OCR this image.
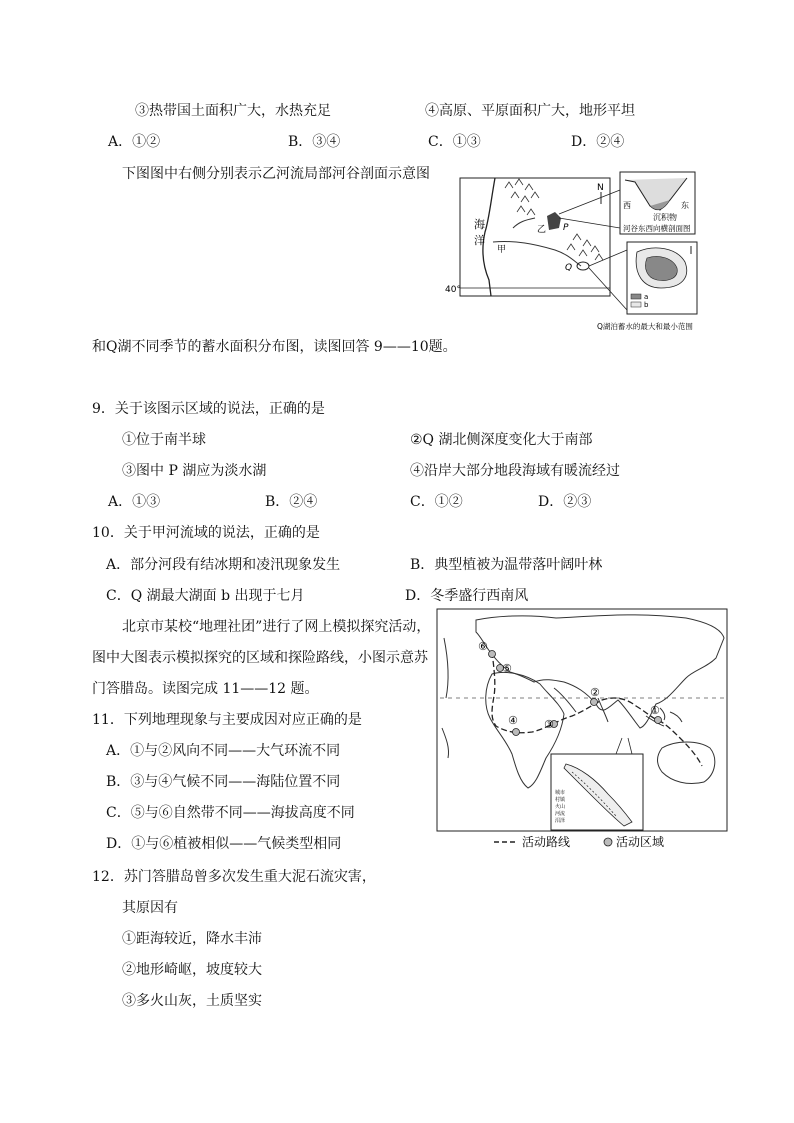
③热带国土面积广大，水热充足	④高原、平原面积广大，地形平坦
A．①②	B．③④	C．①③	D．②④
下图图中右侧分别表示乙河流局部河谷剖面示意图
海
洋
甲
乙 P
Q
40°
N
西	东
沉积物
河谷东西向横剖面图
a
b
Q湖泊蓄水的最大和最小范围
和Q湖不同季节的蓄水面积分布图，读图回答 9——10题。
9．关于该图示区域的说法，正确的是
①位于南半球	②Q 湖北侧深度变化大于南部
③图中 P 湖应为淡水湖	④沿岸大部分地段海域有暖流经过
A．①③	B．②④	C．①②	D．②③
10．关于甲河流域的说法，正确的是
A．部分河段有结冰期和凌汛现象发生	B．典型植被为温带落叶阔叶林
C．Q 湖最大湖面 b 出现于七月	D．冬季盛行西南风
北京市某校“地理社团”进行了网上模拟探究活动，
图中大图表示模拟探究的区域和探险路线，小图示意苏
门答腊岛。读图完成 11——12 题。
⑥
⑤
④ ③
②
①
城市
村镇
火山
河流
沼泽
活动路线	活动区域
11．下列地理现象与主要成因对应正确的是
A．①与②风向不同——大气环流不同
B．③与④气候不同——海陆位置不同
C．⑤与⑥自然带不同——海拔高度不同
D．①与⑥植被相似——气候类型相同
12．苏门答腊岛曾多次发生重大泥石流灾害，
其原因有
①距海较近，降水丰沛
②地形崎岖，坡度较大
③多火山灰，土质坚实
